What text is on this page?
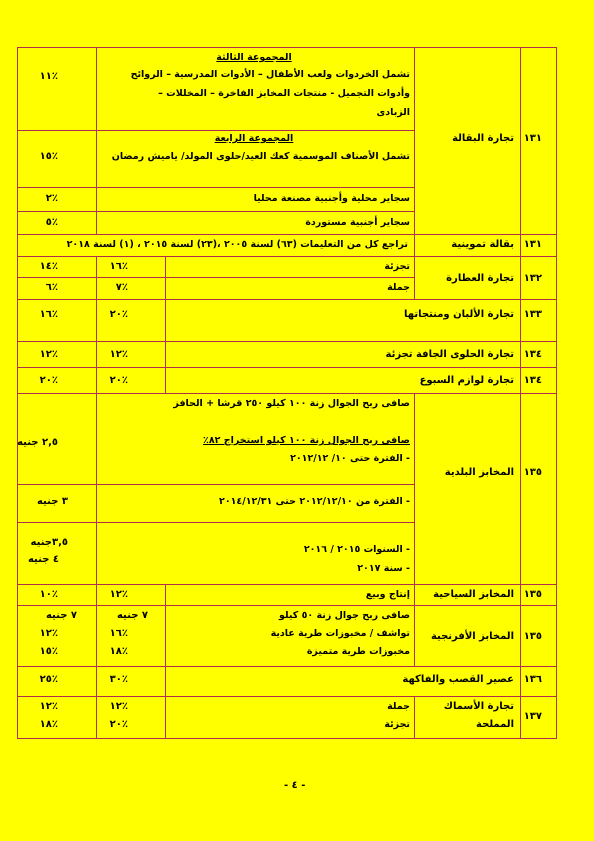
١٣١
تجارة البقالة
المجموعة الثالثة
تشمل الخردوات ولعب الأطفال – الأدوات المدرسية – الروائح
وأدوات التجميل - منتجات المخابز الفاخرة – المخللات –
الزبادى
٪١١
المجموعة الرابعة
تشمل الأصناف الموسمية كعك العيد/حلوى المولد/ ياميش رمضان
٪١٥
سجاير محلية وأجنبية مصنعة محليا
٪٢
سجاير أجنبية مستوردة
٪٥
١٣١
بقالة تموينية
تراجع كل من التعليمات (٦٣) لسنة ٢٠٠٥ ،(٢٣) لسنة ٢٠١٥ ، (١) لسنة ٢٠١٨
١٣٢
تجارة العطارة
تجزئة
٪١٦
٪١٤
جملة
٪٧
٪٦
١٣٣
تجارة الألبان ومنتجاتها
٪٢٠
٪١٦
١٣٤
تجارة الحلوى الجافة تجزئة
٪١٢
٪١٢
١٣٤
تجارة لوازم السبوع
٪٢٠
٪٢٠
١٣٥
المخابز البلدية
صافى ربح الجوال زنة ١٠٠ كيلو ٢٥٠ قرشا + الحافز
صافى ربح الجوال زنة ١٠٠ كيلو استخراج ٨٢٪
- الفترة حتى ١٠/ ٢٠١٢/١٢
٢,٥ جنيه
- الفترة من ٢٠١٢/١٢/١٠ حتى ٢٠١٤/١٢/٣١
٣ جنيه
- السنوات ٢٠١٥ / ٢٠١٦
- سنة ٢٠١٧
٣,٥جنيه
٤ جنيه
١٣٥
المخابز السياحية
إنتاج وبيع
٪١٢
٪١٠
١٣٥
المخابز الأفرنجية
صافى ربح جوال زنة ٥٠ كيلو
تواشف / مخبوزات طرية عادية
مخبوزات طرية متميزة
٧ جنيه
٪١٦
٪١٨
٧ جنيه
٪١٢
٪١٥
١٣٦
عصير القصب والفاكهة
٪٣٠
٪٢٥
١٣٧
تجارة الأسماك
المملحة
جملة
تجزئة
٪١٢
٪٢٠
٪١٢
٪١٨
- ٤ -
